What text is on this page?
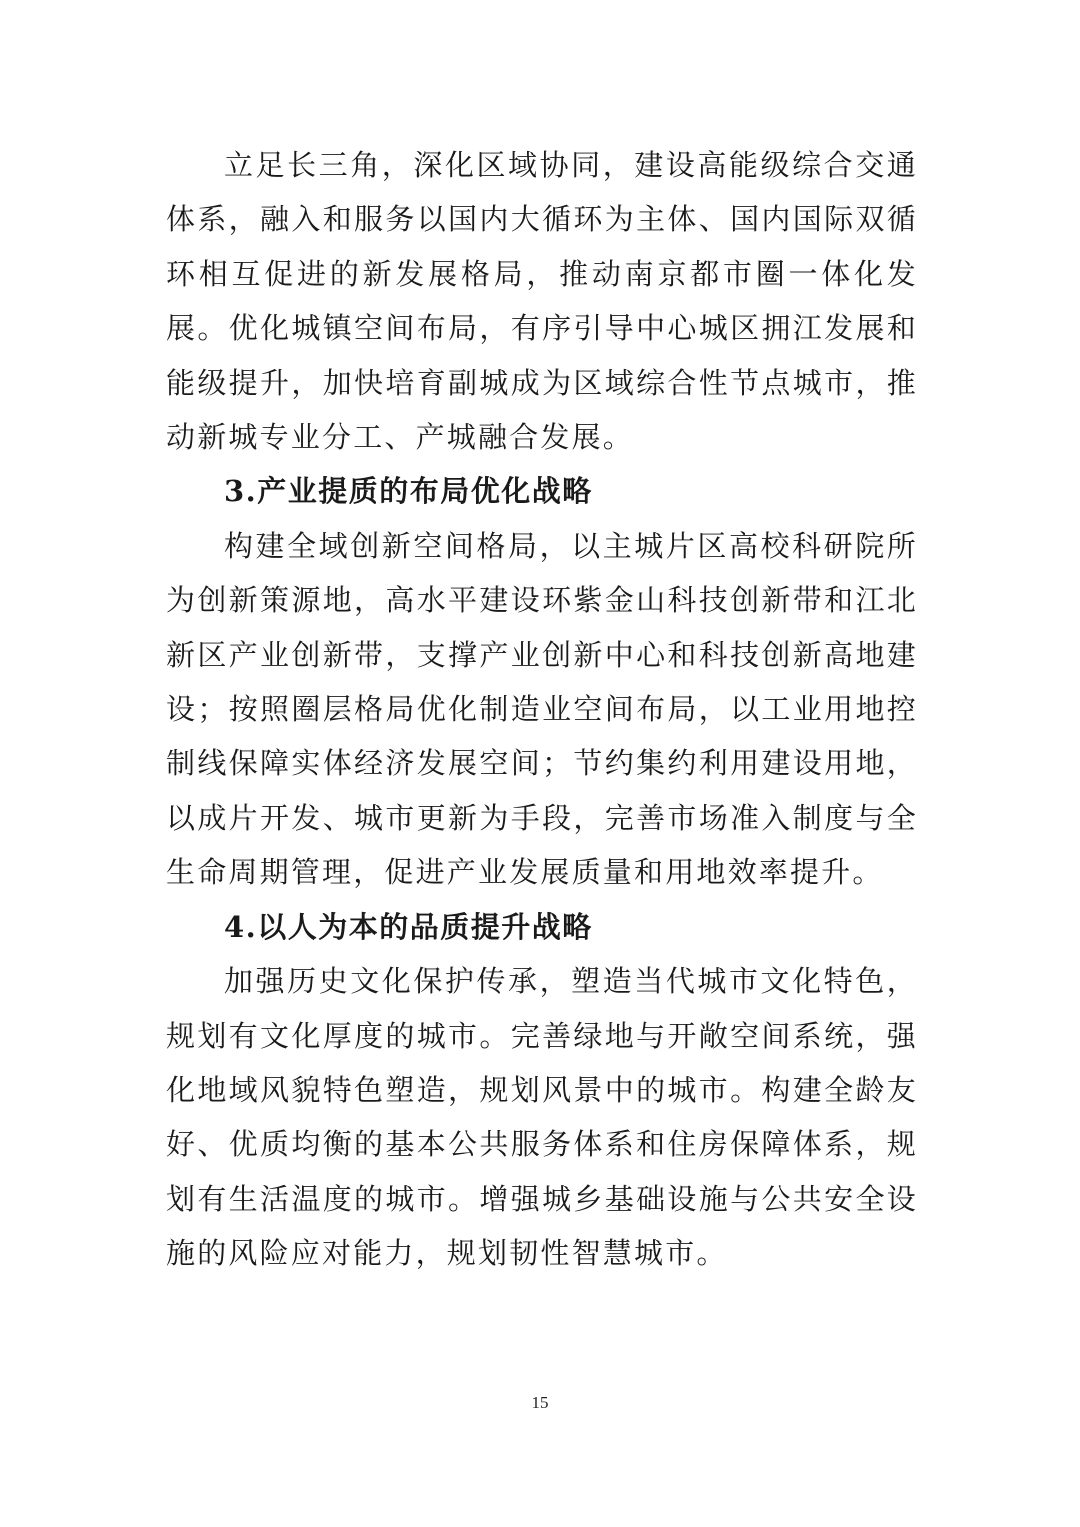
立足长三角，深化区域协同，建设高能级综合交通体系，融入和服务以国内大循环为主体、国内国际双循环相互促进的新发展格局，推动南京都市圈一体化发展。优化城镇空间布局，有序引导中心城区拥江发展和能级提升，加快培育副城成为区域综合性节点城市，推动新城专业分工、产城融合发展。

3.产业提质的布局优化战略

构建全域创新空间格局，以主城片区高校科研院所为创新策源地，高水平建设环紫金山科技创新带和江北新区产业创新带，支撑产业创新中心和科技创新高地建设；按照圈层格局优化制造业空间布局，以工业用地控制线保障实体经济发展空间；节约集约利用建设用地，以成片开发、城市更新为手段，完善市场准入制度与全生命周期管理，促进产业发展质量和用地效率提升。

4.以人为本的品质提升战略

加强历史文化保护传承，塑造当代城市文化特色，规划有文化厚度的城市。完善绿地与开敞空间系统，强化地域风貌特色塑造，规划风景中的城市。构建全龄友好、优质均衡的基本公共服务体系和住房保障体系，规划有生活温度的城市。增强城乡基础设施与公共安全设施的风险应对能力，规划韧性智慧城市。

15
